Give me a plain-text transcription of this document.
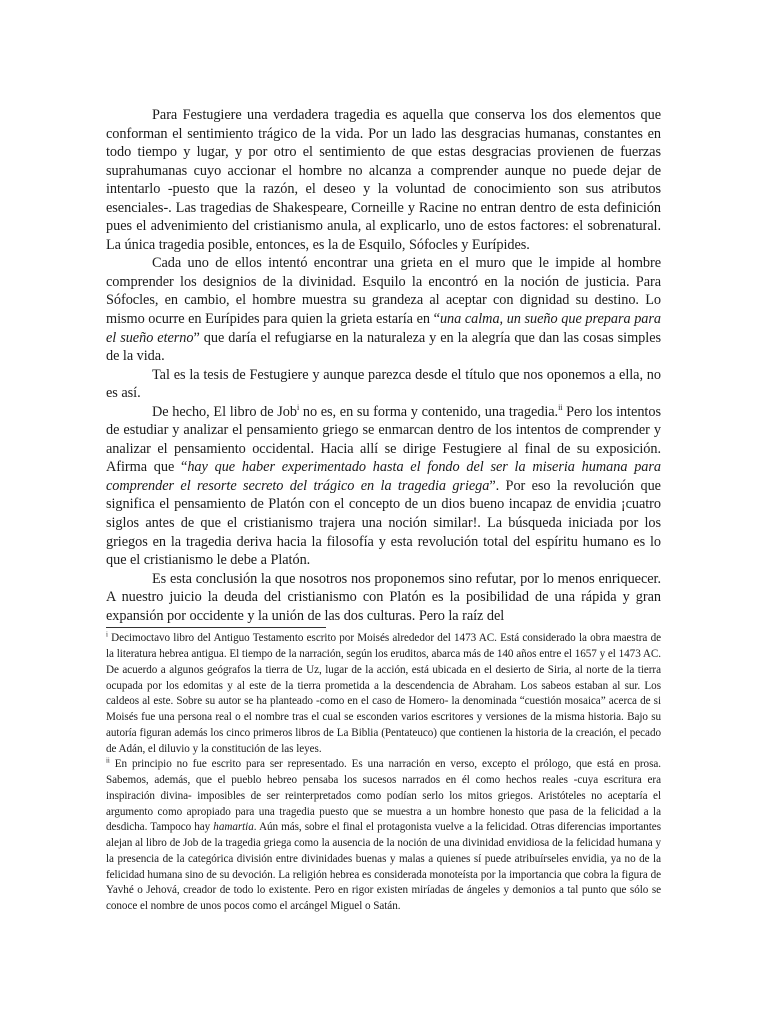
Para Festugiere una verdadera tragedia es aquella que conserva los dos elementos que conforman el sentimiento trágico de la vida. Por un lado las desgracias humanas, constantes en todo tiempo y lugar, y por otro el sentimiento de que estas desgracias provienen de fuerzas suprahumanas cuyo accionar el hombre no alcanza a comprender aunque no puede dejar de intentarlo -puesto que la razón, el deseo y la voluntad de conocimiento son sus atributos esenciales-. Las tragedias de Shakespeare, Corneille y Racine no entran dentro de esta definición pues el advenimiento del cristianismo anula, al explicarlo, uno de estos factores: el sobrenatural. La única tragedia posible, entonces, es la de Esquilo, Sófocles y Eurípides.

Cada uno de ellos intentó encontrar una grieta en el muro que le impide al hombre comprender los designios de la divinidad. Esquilo la encontró en la noción de justicia. Para Sófocles, en cambio, el hombre muestra su grandeza al aceptar con dignidad su destino. Lo mismo ocurre en Eurípides para quien la grieta estaría en “una calma, un sueño que prepara para el sueño eterno” que daría el refugiarse en la naturaleza y en la alegría que dan las cosas simples de la vida.

Tal es la tesis de Festugiere y aunque parezca desde el título que nos oponemos a ella, no es así.

De hecho, El libro de Job$^i$ no es, en su forma y contenido, una tragedia.$^{ii}$ Pero los intentos de estudiar y analizar el pensamiento griego se enmarcan dentro de los intentos de comprender y analizar el pensamiento occidental. Hacia allí se dirige Festugiere al final de su exposición. Afirma que “hay que haber experimentado hasta el fondo del ser la miseria humana para comprender el resorte secreto del trágico en la tragedia griega”. Por eso la revolución que significa el pensamiento de Platón con el concepto de un dios bueno incapaz de envidia ¡cuatro siglos antes de que el cristianismo trajera una noción similar!. La búsqueda iniciada por los griegos en la tragedia deriva hacia la filosofía y esta revolución total del espíritu humano es lo que el cristianismo le debe a Platón.

Es esta conclusión la que nosotros nos proponemos sino refutar, por lo menos enriquecer. A nuestro juicio la deuda del cristianismo con Platón es la posibilidad de una rápida y gran expansión por occidente y la unión de las dos culturas. Pero la raíz del

$^i$ Decimoctavo libro del Antiguo Testamento escrito por Moisés alrededor del 1473 AC. Está considerado la obra maestra de la literatura hebrea antigua. El tiempo de la narración, según los eruditos, abarca más de 140 años entre el 1657 y el 1473 AC. De acuerdo a algunos geógrafos la tierra de Uz, lugar de la acción, está ubicada en el desierto de Siria, al norte de la tierra ocupada por los edomitas y al este de la tierra prometida a la descendencia de Abraham. Los sabeos estaban al sur. Los caldeos al este. Sobre su autor se ha planteado -como en el caso de Homero- la denominada “cuestión mosaica” acerca de si Moisés fue una persona real o el nombre tras el cual se esconden varios escritores y versiones de la misma historia. Bajo su autoría figuran además los cinco primeros libros de La Biblia (Pentateuco) que contienen la historia de la creación, el pecado de Adán, el diluvio y la constitución de las leyes.

$^{ii}$ En principio no fue escrito para ser representado. Es una narración en verso, excepto el prólogo, que está en prosa. Sabemos, además, que el pueblo hebreo pensaba los sucesos narrados en él como hechos reales -cuya escritura era inspiración divina- imposibles de ser reinterpretados como podían serlo los mitos griegos. Aristóteles no aceptaría el argumento como apropiado para una tragedia puesto que se muestra a un hombre honesto que pasa de la felicidad a la desdicha. Tampoco hay hamartia. Aún más, sobre el final el protagonista vuelve a la felicidad. Otras diferencias importantes alejan al libro de Job de la tragedia griega como la ausencia de la noción de una divinidad envidiosa de la felicidad humana y la presencia de la categórica división entre divinidades buenas y malas a quienes sí puede atribuírseles envidia, ya no de la felicidad humana sino de su devoción. La religión hebrea es considerada monoteísta por la importancia que cobra la figura de Yavhé o Jehová, creador de todo lo existente. Pero en rigor existen miríadas de ángeles y demonios a tal punto que sólo se conoce el nombre de unos pocos como el arcángel Miguel o Satán.
